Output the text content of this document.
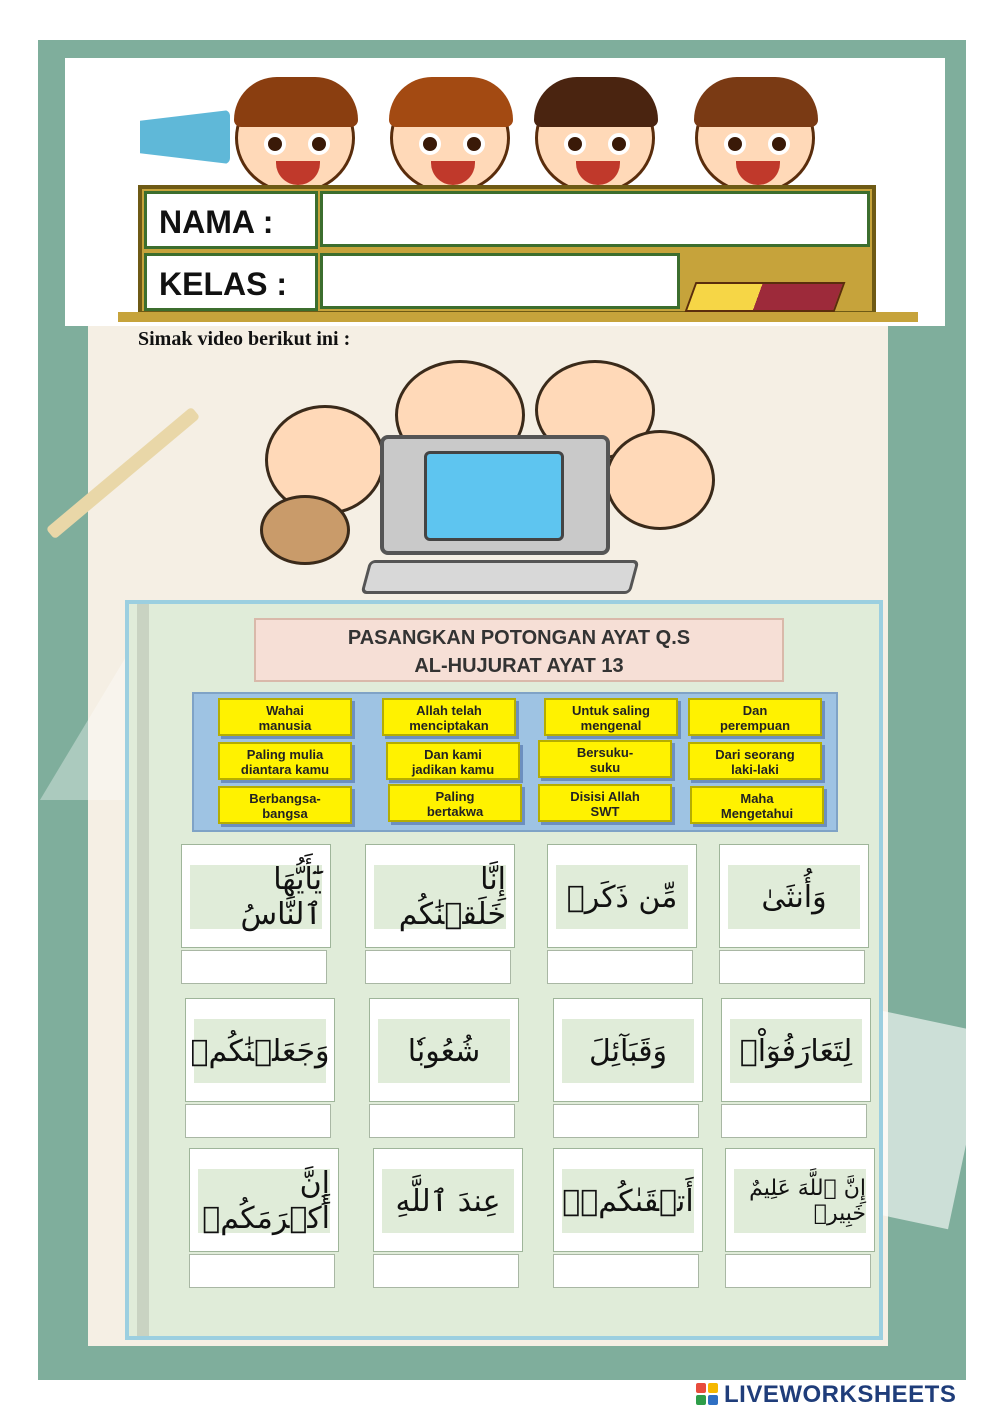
NAMA :
KELAS :
Simak video berikut ini :
PASANGKAN POTONGAN AYAT Q.S
AL-HUJURAT AYAT 13
Wahai
manusia
Allah telah
menciptakan
Untuk saling
mengenal
Dan
perempuan
Paling mulia
diantara kamu
Dan kami
jadikan kamu
Bersuku-
suku
Dari seorang
laki-laki
Berbangsa-
bangsa
Paling
bertakwa
Disisi Allah
SWT
Maha
Mengetahui
يَٰٓأَيُّهَا ٱلنَّاسُ
إِنَّا خَلَقۡنَٰكُم	مِّن ذَكَرٖ	وَأُنثَىٰ
وَجَعَلۡنَٰكُمۡ	شُعُوبٗا	وَقَبَآئِلَ	لِتَعَارَفُوٓاْۚ
إِنَّ أَكۡرَمَكُمۡ	عِندَ ٱللَّهِ	أَتۡقَىٰكُمۡۚ	إِنَّ ٱللَّهَ عَلِيمٌ خَبِيرٞ
LIVEWORKSHEETS
